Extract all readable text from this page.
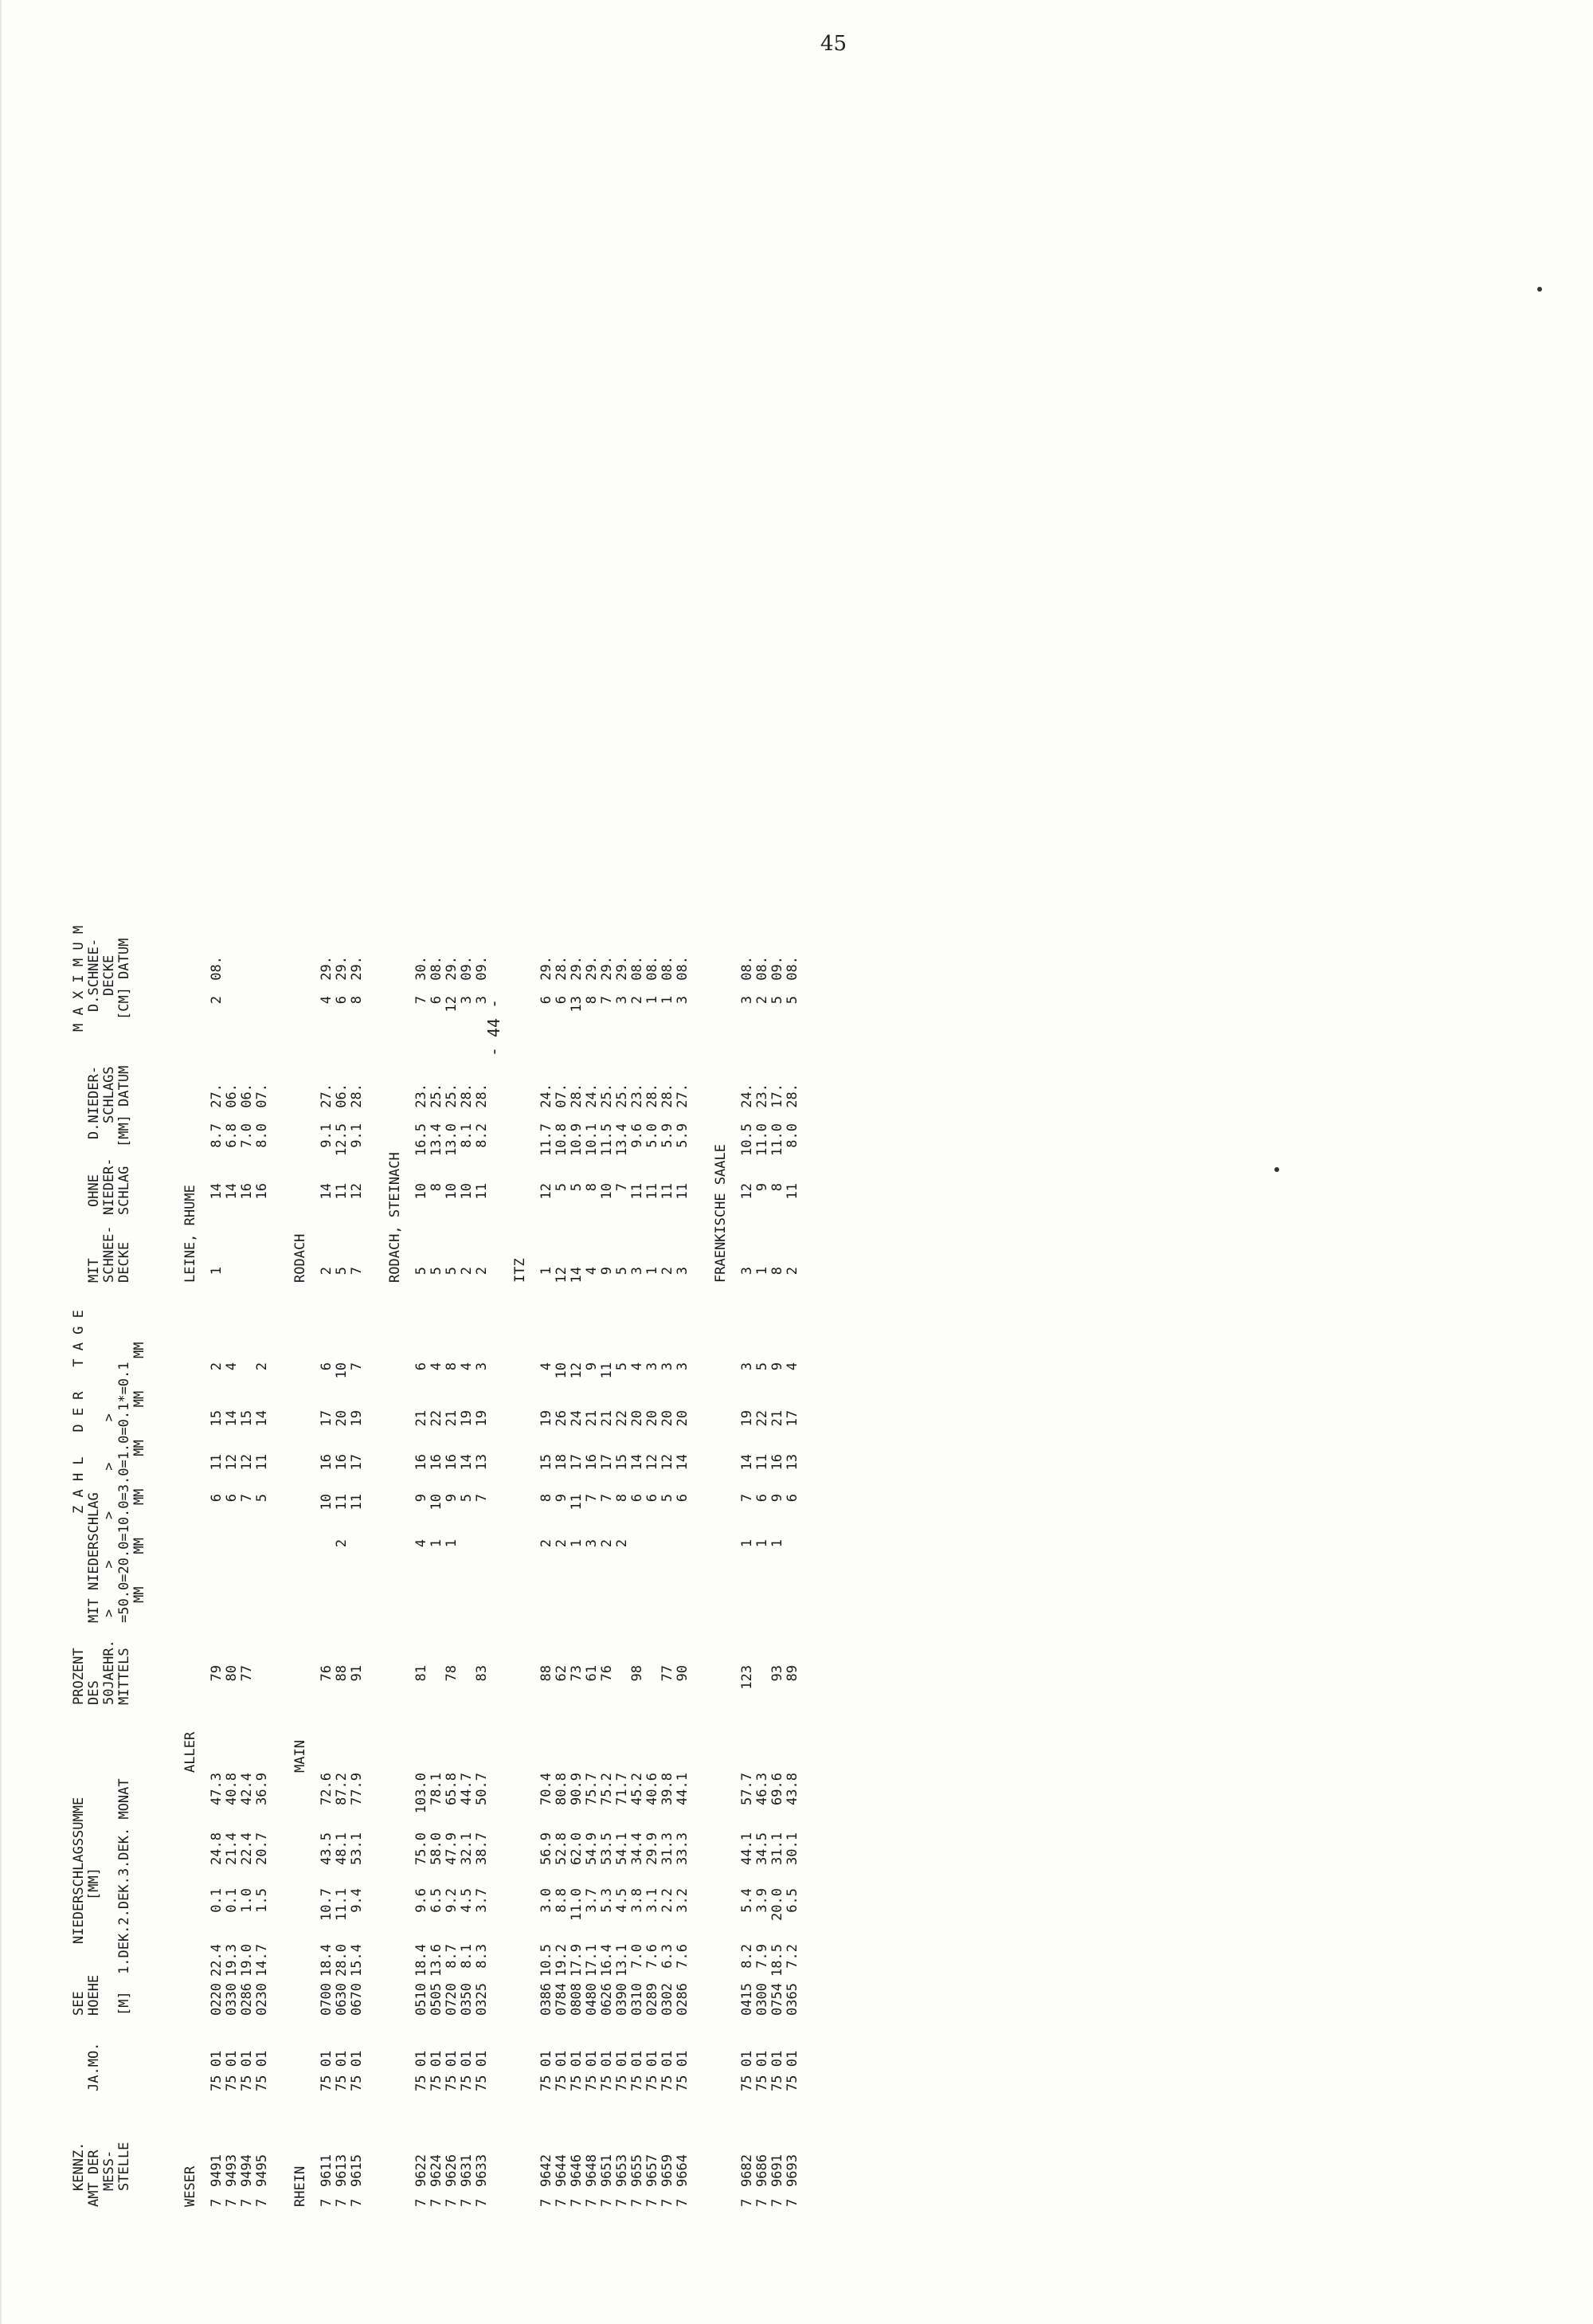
45
- 44 -
KENNZ. AMT DER MESS- STELLE
JA.MO.
SEE HOEHE [M]
NIEDERSCHLAGSSUMME [MM] 1.DEK.2.DEK.3.DEK. MONAT
PROZENT DES 50JAEHR. MITTELS
Z A H L   D E R   T A G E
MIT NIEDERSCHLAG >     >     >     >     > =50.0=20.0=10.0=3.0=1.0=0.1*=0.1 MM    MM    MM    MM    MM    MM
MIT SCHNEE- DECKE
OHNE NIEDER- SCHLAG
M A X I M U M
D.NIEDER- SCHLAGS [MM] DATUM
D.SCHNEE- DECKE [CM] DATUM
WESER
ALLER
LEINE, RHUME
7
9491
75 01
0220
22.4
0.1
24.8
47.3
79
6
11
15
2
1
14
8.7
27.
2
08.
7
9493
75 01
0330
19.3
0.1
21.4
40.8
80
6
12
14
4
14
6.8
06.
7
9494
75 01
0286
19.0
1.0
22.4
42.4
77
7
12
15
16
7.0
06.
7
9495
75 01
0230
14.7
1.5
20.7
36.9
5
11
14
2
16
8.0
07.
RHEIN
MAIN
RODACH
7
9611
75 01
0700
18.4
10.7
43.5
72.6
76
10
16
17
6
2
14
9.1
27.
4
29.
7
9613
75 01
0630
28.0
11.1
48.1
87.2
88
2
11
16
20
10
5
11
12.5
06.
6
29.
7
9615
75 01
0670
15.4
9.4
53.1
77.9
91
11
17
19
7
7
12
9.1
28.
8
29.
RODACH, STEINACH
7
9622
75 01
0510
18.4
9.6
75.0
103.0
81
4
9
16
21
6
5
10
16.5
23.
7
30.
7
9624
75 01
0505
13.6
6.5
58.0
78.1
1
10
16
22
4
5
8
13.4
25.
6
08.
7
9626
75 01
0720
8.7
9.2
47.9
65.8
78
1
9
16
21
8
5
10
13.0
25.
12
29.
7
9631
75 01
0350
8.1
4.5
32.1
44.7
5
14
19
4
2
10
8.1
28.
3
09.
7
9633
75 01
0325
8.3
3.7
38.7
50.7
83
7
13
19
3
2
11
8.2
28.
3
09.
ITZ
7
9642
75 01
0386
10.5
3.0
56.9
70.4
88
2
8
15
19
4
1
12
11.7
24.
6
29.
7
9644
75 01
0784
19.2
8.8
52.8
80.8
62
2
9
18
26
10
12
5
10.8
07.
6
28.
7
9646
75 01
0808
17.9
11.0
62.0
90.9
73
1
11
17
24
12
14
5
10.9
28.
13
29.
7
9648
75 01
0480
17.1
3.7
54.9
75.7
61
3
7
16
21
9
4
8
10.1
24.
8
29.
7
9651
75 01
0626
16.4
5.3
53.5
75.2
76
2
7
17
21
11
9
10
11.5
25.
7
29.
7
9653
75 01
0390
13.1
4.5
54.1
71.7
2
8
15
22
5
5
7
13.4
25.
3
29.
7
9655
75 01
0310
7.0
3.8
34.4
45.2
98
6
14
20
4
3
11
9.6
23.
2
08.
7
9657
75 01
0289
7.6
3.1
29.9
40.6
6
12
20
3
1
11
5.0
28.
1
08.
7
9659
75 01
0302
6.3
2.2
31.3
39.8
77
5
12
20
3
2
11
5.9
28.
1
08.
7
9664
75 01
0286
7.6
3.2
33.3
44.1
90
6
14
20
3
3
11
5.9
27.
3
08.
FRAENKISCHE SAALE
7
9682
75 01
0415
8.2
5.4
44.1
57.7
123
1
7
14
19
3
3
12
10.5
24.
3
08.
7
9686
75 01
0300
7.9
3.9
34.5
46.3
1
6
11
22
5
1
9
11.0
23.
2
08.
7
9691
75 01
0754
18.5
20.0
31.1
69.6
93
1
9
16
21
9
8
8
11.0
17.
5
09.
7
9693
75 01
0365
7.2
6.5
30.1
43.8
89
6
13
17
4
2
11
8.0
28.
5
08.
